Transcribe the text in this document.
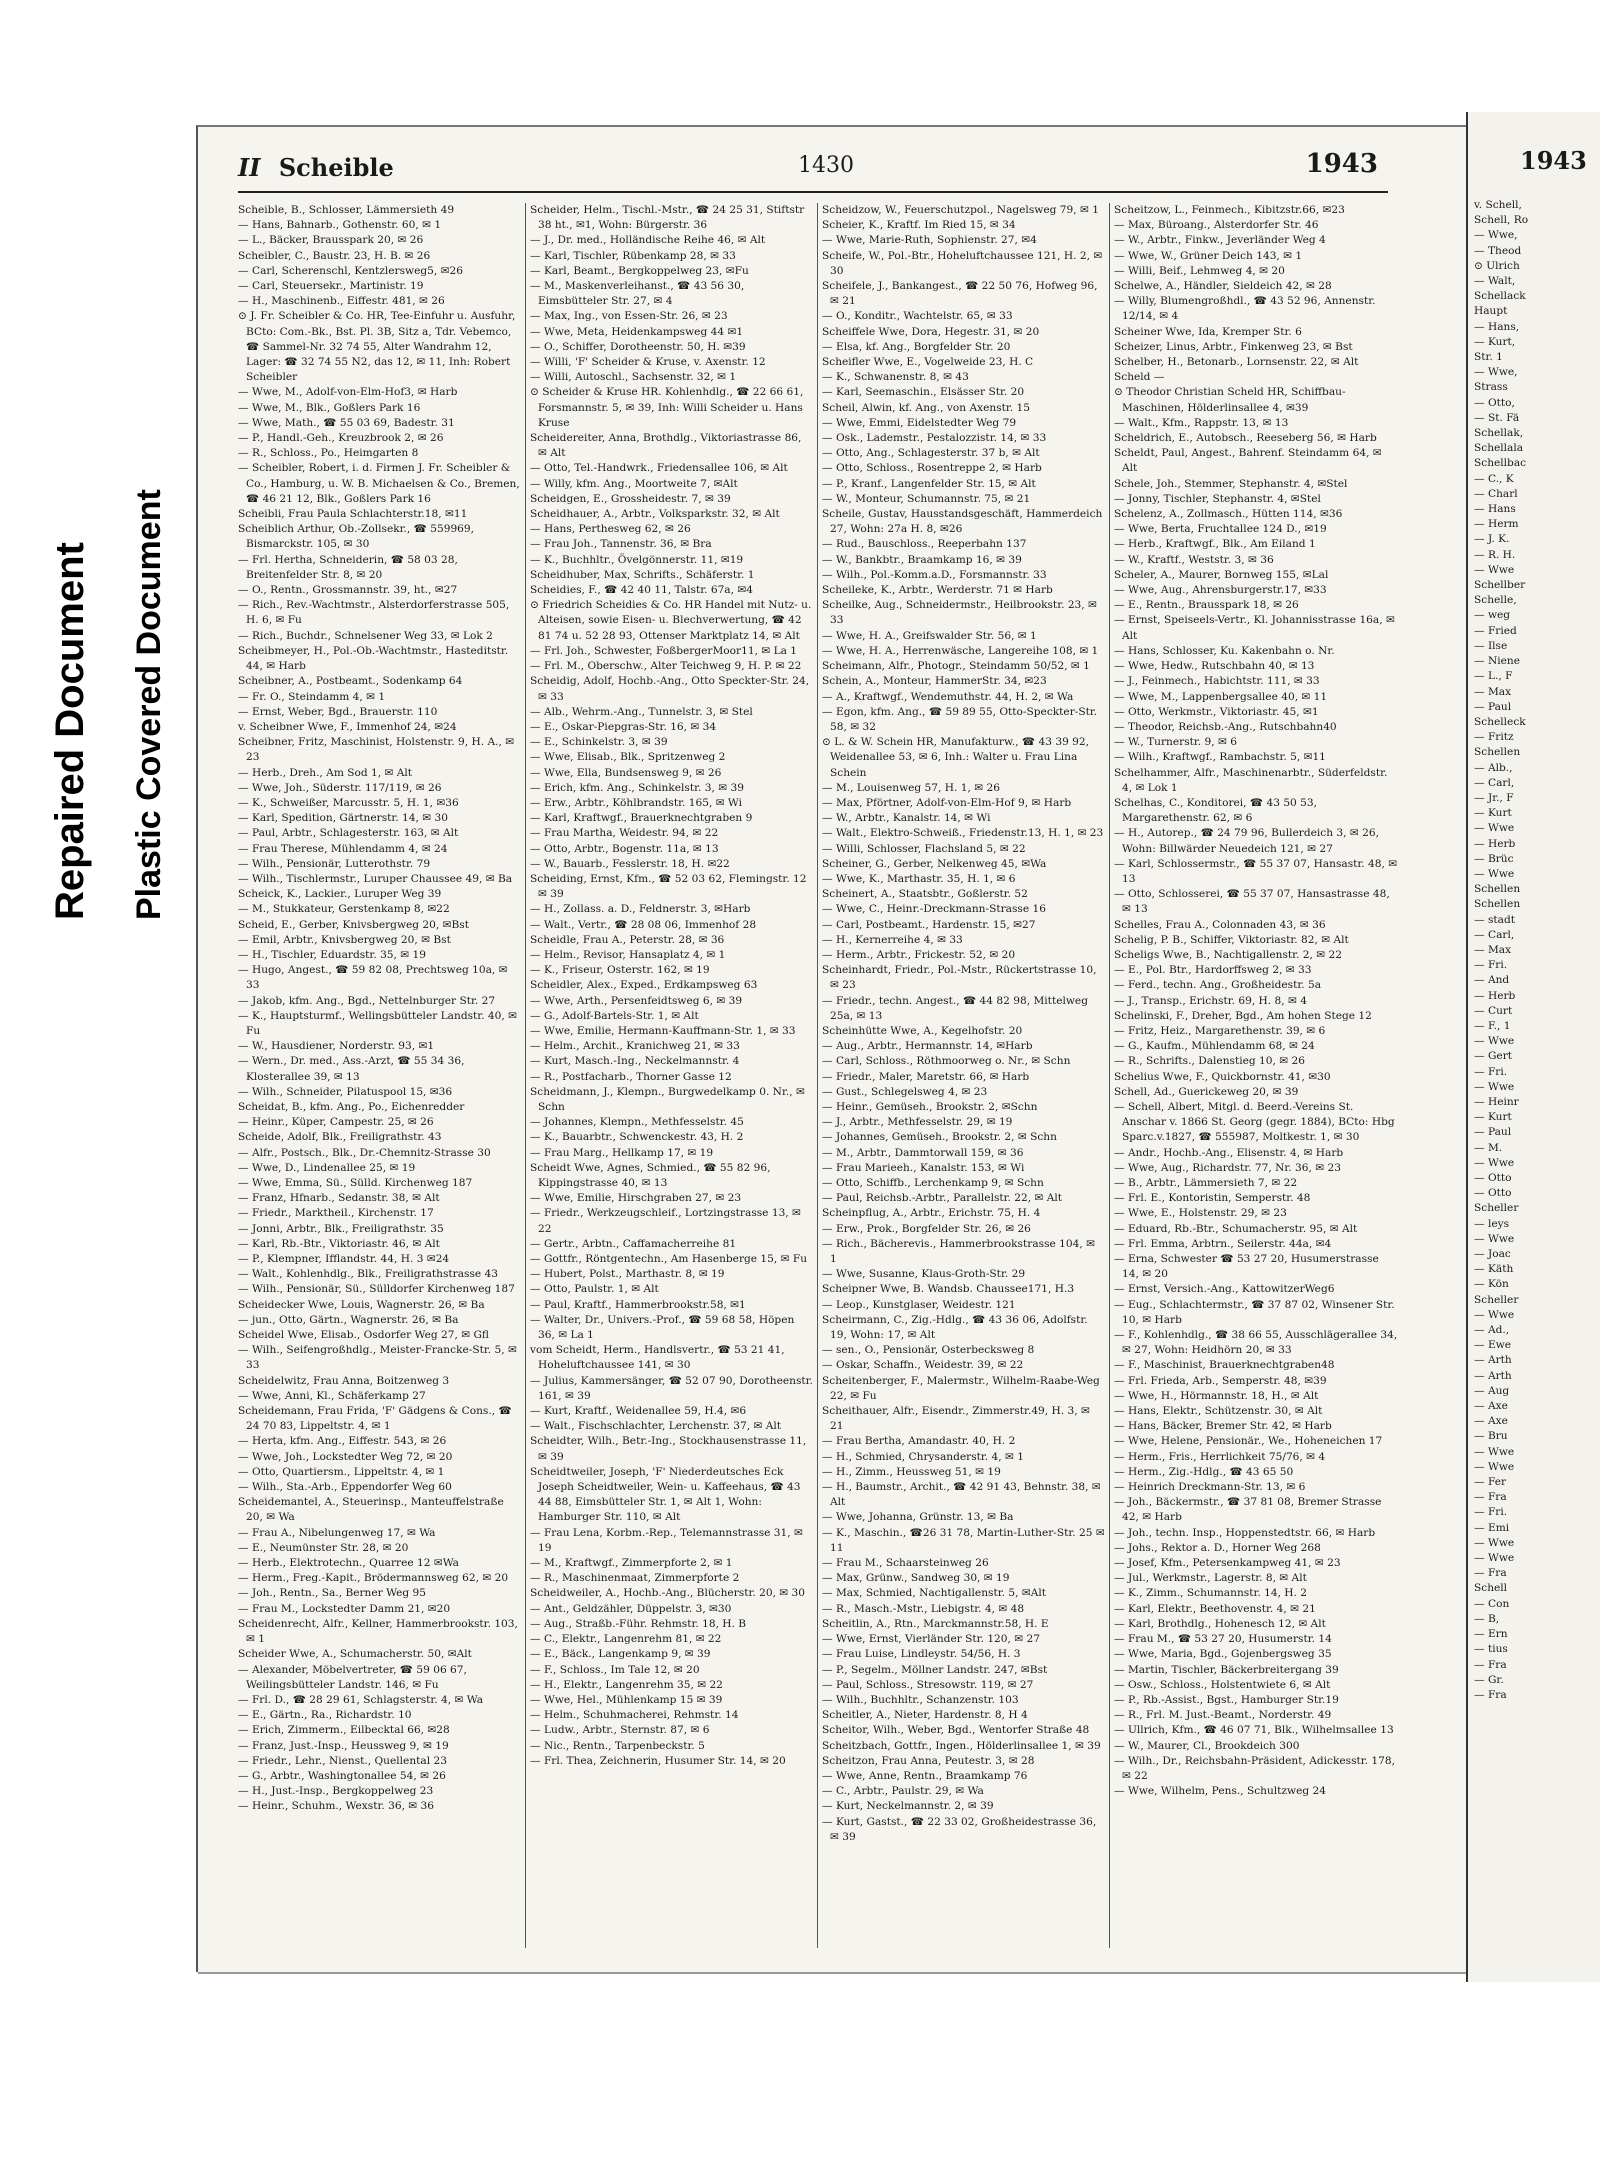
Repaired Document Plastic Covered Document
II Scheible	1430	1943

Scheible, B., Schlosser, Lämmersieth 49

— Hans, Bahnarb., Gothenstr. 60, ✉ 1

— L., Bäcker, Brausspark 20, ✉ 26

Scheibler, C., Baustr. 23, H. B. ✉ 26

— Carl, Scherenschl, Kentzlersweg5, ✉26

— Carl, Steuersekr., Martinistr. 19

— H., Maschinenb., Eiffestr. 481, ✉ 26

⊙ J. Fr. Scheibler & Co. HR, Tee-Einfuhr u. Ausfuhr, BCto: Com.-Bk., Bst. Pl. 3B, Sitz a, Tdr. Vebemco, ☎ Sammel-Nr. 32 74 55, Alter Wandrahm 12, Lager: ☎ 32 74 55 N2, das 12, ✉ 11, Inh: Robert Scheibler

— Wwe, M., Adolf-von-Elm-Hof3, ✉ Harb

— Wwe, M., Blk., Goßlers Park 16

— Wwe, Math., ☎ 55 03 69, Badestr. 31

— P., Handl.-Geh., Kreuzbrook 2, ✉ 26

— R., Schloss., Po., Heimgarten 8

— Scheibler, Robert, i. d. Firmen J. Fr. Scheibler & Co., Hamburg, u. W. B. Michaelsen & Co., Bremen, ☎ 46 21 12, Blk., Goßlers Park 16

Scheibli, Frau Paula Schlachterstr.18, ✉11

Scheiblich Arthur, Ob.-Zollsekr., ☎ 559969, Bismarckstr. 105, ✉ 30

— Frl. Hertha, Schneiderin, ☎ 58 03 28, Breitenfelder Str. 8, ✉ 20

— O., Rentn., Grossmannstr. 39, ht., ✉27

— Rich., Rev.-Wachtmstr., Alsterdorferstrasse 505, H. 6, ✉ Fu

— Rich., Buchdr., Schnelsener Weg 33, ✉ Lok 2

Scheibmeyer, H., Pol.-Ob.-Wachtmstr., Hasteditstr. 44, ✉ Harb

Scheibner, A., Postbeamt., Sodenkamp 64

— Fr. O., Steindamm 4, ✉ 1

— Ernst, Weber, Bgd., Brauerstr. 110

v. Scheibner Wwe, F., Immenhof 24, ✉24

Scheibner, Fritz, Maschinist, Holstenstr. 9, H. A., ✉ 23

— Herb., Dreh., Am Sod 1, ✉ Alt

— Wwe, Joh., Süderstr. 117/119, ✉ 26

— K., Schweißer, Marcusstr. 5, H. 1, ✉36

— Karl, Spedition, Gärtnerstr. 14, ✉ 30

— Paul, Arbtr., Schlagesterstr. 163, ✉ Alt

— Frau Therese, Mühlendamm 4, ✉ 24

— Wilh., Pensionär, Lutterothstr. 79

— Wilh., Tischlermstr., Luruper Chaussee 49, ✉ Ba

Scheick, K., Lackier., Luruper Weg 39

— M., Stukkateur, Gerstenkamp 8, ✉22

Scheid, E., Gerber, Knivsbergweg 20, ✉Bst

— Emil, Arbtr., Knivsbergweg 20, ✉ Bst

— H., Tischler, Eduardstr. 35, ✉ 19

— Hugo, Angest., ☎ 59 82 08, Prechtsweg 10a, ✉ 33

— Jakob, kfm. Ang., Bgd., Nettelnburger Str. 27

— K., Hauptsturmf., Wellingsbütteler Landstr. 40, ✉ Fu

— W., Hausdiener, Norderstr. 93, ✉1

— Wern., Dr. med., Ass.-Arzt, ☎ 55 34 36, Klosterallee 39, ✉ 13

— Wilh., Schneider, Pilatuspool 15, ✉36

Scheidat, B., kfm. Ang., Po., Eichenredder

— Heinr., Küper, Campestr. 25, ✉ 26

Scheide, Adolf, Blk., Freiligrathstr. 43

— Alfr., Postsch., Blk., Dr.-Chemnitz-Strasse 30

— Wwe, D., Lindenallee 25, ✉ 19

— Wwe, Emma, Sü., Sülld. Kirchenweg 187

— Franz, Hfnarb., Sedanstr. 38, ✉ Alt

— Friedr., Marktheil., Kirchenstr. 17

— Jonni, Arbtr., Blk., Freiligrathstr. 35

— Karl, Rb.-Btr., Viktoriastr. 46, ✉ Alt

— P., Klempner, Ifflandstr. 44, H. 3 ✉24

— Walt., Kohlenhdlg., Blk., Freiligrathstrasse 43

— Wilh., Pensionär, Sü., Sülldorfer Kirchenweg 187

Scheidecker Wwe, Louis, Wagnerstr. 26, ✉ Ba

— jun., Otto, Gärtn., Wagnerstr. 26, ✉ Ba

Scheidel Wwe, Elisab., Osdorfer Weg 27, ✉ Gfl

— Wilh., Seifengroßhdlg., Meister-Francke-Str. 5, ✉ 33

Scheidelwitz, Frau Anna, Boitzenweg 3

— Wwe, Anni, Kl., Schäferkamp 27

Scheidemann, Frau Frida, 'F' Gädgens & Cons., ☎ 24 70 83, Lippeltstr. 4, ✉ 1

— Herta, kfm. Ang., Eiffestr. 543, ✉ 26

— Wwe, Joh., Lockstedter Weg 72, ✉ 20

— Otto, Quartiersm., Lippeltstr. 4, ✉ 1

— Wilh., Sta.-Arb., Eppendorfer Weg 60

Scheidemantel, A., Steuerinsp., Manteuffelstraße 20, ✉ Wa

— Frau A., Nibelungenweg 17, ✉ Wa

— E., Neumünster Str. 28, ✉ 20

— Herb., Elektrotechn., Quarree 12 ✉Wa

— Herm., Freg.-Kapit., Brödermannsweg 62, ✉ 20

— Joh., Rentn., Sa., Berner Weg 95

— Frau M., Lockstedter Damm 21, ✉20

Scheidenrecht, Alfr., Kellner, Hammerbrookstr. 103, ✉ 1

Scheider Wwe, A., Schumacherstr. 50, ✉Alt

— Alexander, Möbelvertreter, ☎ 59 06 67, Weilingsbütteler Landstr. 146, ✉ Fu

— Frl. D., ☎ 28 29 61, Schlagsterstr. 4, ✉ Wa

— E., Gärtn., Ra., Richardstr. 10

— Erich, Zimmerm., Eilbecktal 66, ✉28

— Franz, Just.-Insp., Heussweg 9, ✉ 19

— Friedr., Lehr., Nienst., Quellental 23

— G., Arbtr., Washingtonallee 54, ✉ 26

— H., Just.-Insp., Bergkoppelweg 23

— Heinr., Schuhm., Wexstr. 36, ✉ 36

Scheider, Helm., Tischl.-Mstr., ☎ 24 25 31, Stiftstr 38 ht., ✉1, Wohn: Bürgerstr. 36

— J., Dr. med., Holländische Reihe 46, ✉ Alt

— Karl, Tischler, Rübenkamp 28, ✉ 33

— Karl, Beamt., Bergkoppelweg 23, ✉Fu

— M., Maskenverleihanst., ☎ 43 56 30, Eimsbütteler Str. 27, ✉ 4

— Max, Ing., von Essen-Str. 26, ✉ 23

— Wwe, Meta, Heidenkampsweg 44 ✉1

— O., Schiffer, Dorotheenstr. 50, H. ✉39

— Willi, 'F' Scheider & Kruse, v. Axenstr. 12

— Willi, Autoschl., Sachsenstr. 32, ✉ 1

⊙ Scheider & Kruse HR. Kohlenhdlg., ☎ 22 66 61, Forsmannstr. 5, ✉ 39, Inh: Willi Scheider u. Hans Kruse

Scheidereiter, Anna, Brothdlg., Viktoriastrasse 86, ✉ Alt

— Otto, Tel.-Handwrk., Friedensallee 106, ✉ Alt

— Willy, kfm. Ang., Moortweite 7, ✉Alt

Scheidgen, E., Grossheidestr. 7, ✉ 39

Scheidhauer, A., Arbtr., Volksparkstr. 32, ✉ Alt

— Hans, Perthesweg 62, ✉ 26

— Frau Joh., Tannenstr. 36, ✉ Bra

— K., Buchhltr., Övelgönnerstr. 11, ✉19

Scheidhuber, Max, Schrifts., Schäferstr. 1

Scheidies, F., ☎ 42 40 11, Talstr. 67a, ✉4

⊙ Friedrich Scheidies & Co. HR Handel mit Nutz- u. Alteisen, sowie Eisen- u. Blechverwertung, ☎ 42 81 74 u. 52 28 93, Ottenser Marktplatz 14, ✉ Alt

— Frl. Joh., Schwester, FoßbergerMoor11, ✉ La 1

— Frl. M., Oberschw., Alter Teichweg 9, H. P. ✉ 22

Scheidig, Adolf, Hochb.-Ang., Otto Speckter-Str. 24, ✉ 33

— Alb., Wehrm.-Ang., Tunnelstr. 3, ✉ Stel

— E., Oskar-Piepgras-Str. 16, ✉ 34

— E., Schinkelstr. 3, ✉ 39

— Wwe, Elisab., Blk., Spritzenweg 2

— Wwe, Ella, Bundsensweg 9, ✉ 26

— Erich, kfm. Ang., Schinkelstr. 3, ✉ 39

— Erw., Arbtr., Köhlbrandstr. 165, ✉ Wi

— Karl, Kraftwgf., Brauerknechtgraben 9

— Frau Martha, Weidestr. 94, ✉ 22

— Otto, Arbtr., Bogenstr. 11a, ✉ 13

— W., Bauarb., Fesslerstr. 18, H. ✉22

Scheiding, Ernst, Kfm., ☎ 52 03 62, Flemingstr. 12 ✉ 39

— H., Zollass. a. D., Feldnerstr. 3, ✉Harb

— Walt., Vertr., ☎ 28 08 06, Immenhof 28

Scheidle, Frau A., Peterstr. 28, ✉ 36

— Helm., Revisor, Hansaplatz 4, ✉ 1

— K., Friseur, Osterstr. 162, ✉ 19

Scheidler, Alex., Exped., Erdkampsweg 63

— Wwe, Arth., Persenfeidtsweg 6, ✉ 39

— G., Adolf-Bartels-Str. 1, ✉ Alt

— Wwe, Emilie, Hermann-Kauffmann-Str. 1, ✉ 33

— Helm., Archit., Kranichweg 21, ✉ 33

— Kurt, Masch.-Ing., Neckelmannstr. 4

— R., Postfacharb., Thorner Gasse 12

Scheidmann, J., Klempn., Burgwedelkamp 0. Nr., ✉ Schn

— Johannes, Klempn., Methfesselstr. 45

— K., Bauarbtr., Schwenckestr. 43, H. 2

— Frau Marg., Hellkamp 17, ✉ 19

Scheidt Wwe, Agnes, Schmied., ☎ 55 82 96, Kippingstrasse 40, ✉ 13

— Wwe, Emilie, Hirschgraben 27, ✉ 23

— Friedr., Werkzeugschleif., Lortzingstrasse 13, ✉ 22

— Gertr., Arbtn., Caffamacherreihe 81

— Gottfr., Röntgentechn., Am Hasenberge 15, ✉ Fu

— Hubert, Polst., Marthastr. 8, ✉ 19

— Otto, Paulstr. 1, ✉ Alt

— Paul, Kraftf., Hammerbrookstr.58, ✉1

— Walter, Dr., Univers.-Prof., ☎ 59 68 58, Höpen 36, ✉ La 1

vom Scheidt, Herm., Handlsvertr., ☎ 53 21 41, Hoheluftchaussee 141, ✉ 30

— Julius, Kammersänger, ☎ 52 07 90, Dorotheenstr. 161, ✉ 39

— Kurt, Kraftf., Weidenallee 59, H.4, ✉6

— Walt., Fischschlachter, Lerchenstr. 37, ✉ Alt

Scheidter, Wilh., Betr.-Ing., Stockhausenstrasse 11, ✉ 39

Scheidtweiler, Joseph, 'F' Niederdeutsches Eck Joseph Scheidtweiler, Wein- u. Kaffeehaus, ☎ 43 44 88, Eimsbütteler Str. 1, ✉ Alt 1, Wohn: Hamburger Str. 110, ✉ Alt

— Frau Lena, Korbm.-Rep., Telemannstrasse 31, ✉ 19

— M., Kraftwgf., Zimmerpforte 2, ✉ 1

— R., Maschinenmaat, Zimmerpforte 2

Scheidweiler, A., Hochb.-Ang., Blücherstr. 20, ✉ 30

— Ant., Geldzähler, Düppelstr. 3, ✉30

— Aug., Straßb.-Führ. Rehmstr. 18, H. B

— C., Elektr., Langenrehm 81, ✉ 22

— E., Bäck., Langenkamp 9, ✉ 39

— F., Schloss., Im Tale 12, ✉ 20

— H., Elektr., Langenrehm 35, ✉ 22

— Wwe, Hel., Mühlenkamp 15 ✉ 39

— Helm., Schuhmacherei, Rehmstr. 14

— Ludw., Arbtr., Sternstr. 87, ✉ 6

— Nic., Rentn., Tarpenbeckstr. 5

— Frl. Thea, Zeichnerin, Husumer Str. 14, ✉ 20

Scheidzow, W., Feuerschutzpol., Nagelsweg 79, ✉ 1

Scheier, K., Kraftf. Im Ried 15, ✉ 34

— Wwe, Marie-Ruth, Sophienstr. 27, ✉4

Scheife, W., Pol.-Btr., Hoheluftchaussee 121, H. 2, ✉ 30

Scheifele, J., Bankangest., ☎ 22 50 76, Hofweg 96, ✉ 21

— O., Konditr., Wachtelstr. 65, ✉ 33

Scheiffele Wwe, Dora, Hegestr. 31, ✉ 20

— Elsa, kf. Ang., Borgfelder Str. 20

Scheifler Wwe, E., Vogelweide 23, H. C

— K., Schwanenstr. 8, ✉ 43

— Karl, Seemaschin., Elsässer Str. 20

Scheil, Alwin, kf. Ang., von Axenstr. 15

— Wwe, Emmi, Eidelstedter Weg 79

— Osk., Lademstr., Pestalozzistr. 14, ✉ 33

— Otto, Ang., Schlagesterstr. 37 b, ✉ Alt

— Otto, Schloss., Rosentreppe 2, ✉ Harb

— P., Kranf., Langenfelder Str. 15, ✉ Alt

— W., Monteur, Schumannstr. 75, ✉ 21

Scheile, Gustav, Hausstandsgeschäft, Hammerdeich 27, Wohn: 27a H. 8, ✉26

— Rud., Bauschloss., Reeperbahn 137

— W., Bankbtr., Braamkamp 16, ✉ 39

— Wilh., Pol.-Komm.a.D., Forsmannstr. 33

Scheileke, K., Arbtr., Werderstr. 71 ✉ Harb

Scheilke, Aug., Schneidermstr., Heilbrookstr. 23, ✉ 33

— Wwe, H. A., Greifswalder Str. 56, ✉ 1

— Wwe, H. A., Herrenwäsche, Langereihe 108, ✉ 1

Scheimann, Alfr., Photogr., Steindamm 50/52, ✉ 1

Schein, A., Monteur, HammerStr. 34, ✉23

— A., Kraftwgf., Wendemuthstr. 44, H. 2, ✉ Wa

— Egon, kfm. Ang., ☎ 59 89 55, Otto-Speckter-Str. 58, ✉ 32

⊙ L. & W. Schein HR, Manufakturw., ☎ 43 39 92, Weidenallee 53, ✉ 6, Inh.: Walter u. Frau Lina Schein

— M., Louisenweg 57, H. 1, ✉ 26

— Max, Pförtner, Adolf-von-Elm-Hof 9, ✉ Harb

— W., Arbtr., Kanalstr. 14, ✉ Wi

— Walt., Elektro-Schweiß., Friedenstr.13, H. 1, ✉ 23

— Willi, Schlosser, Flachsland 5, ✉ 22

Scheiner, G., Gerber, Nelkenweg 45, ✉Wa

— Wwe, K., Marthastr. 35, H. 1, ✉ 6

Scheinert, A., Staatsbtr., Goßlerstr. 52

— Wwe, C., Heinr.-Dreckmann-Strasse 16

— Carl, Postbeamt., Hardenstr. 15, ✉27

— H., Kernerreihe 4, ✉ 33

— Herm., Arbtr., Frickestr. 52, ✉ 20

Scheinhardt, Friedr., Pol.-Mstr., Rückertstrasse 10, ✉ 23

— Friedr., techn. Angest., ☎ 44 82 98, Mittelweg 25a, ✉ 13

Scheinhütte Wwe, A., Kegelhofstr. 20

— Aug., Arbtr., Hermannstr. 14, ✉Harb

— Carl, Schloss., Röthmoorweg o. Nr., ✉ Schn

— Friedr., Maler, Maretstr. 66, ✉ Harb

— Gust., Schlegelsweg 4, ✉ 23

— Heinr., Gemüseh., Brookstr. 2, ✉Schn

— J., Arbtr., Methfesselstr. 29, ✉ 19

— Johannes, Gemüseh., Brookstr. 2, ✉ Schn

— M., Arbtr., Dammtorwall 159, ✉ 36

— Frau Marieeh., Kanalstr. 153, ✉ Wi

— Otto, Schiffb., Lerchenkamp 9, ✉ Schn

— Paul, Reichsb.-Arbtr., Parallelstr. 22, ✉ Alt

Scheinpflug, A., Arbtr., Erichstr. 75, H. 4

— Erw., Prok., Borgfelder Str. 26, ✉ 26

— Rich., Bächerevis., Hammerbrookstrasse 104, ✉ 1

— Wwe, Susanne, Klaus-Groth-Str. 29

Scheipner Wwe, B. Wandsb. Chaussee171, H.3

— Leop., Kunstglaser, Weidestr. 121

Scheirmann, C., Zig.-Hdlg., ☎ 43 36 06, Adolfstr. 19, Wohn: 17, ✉ Alt

— sen., O., Pensionär, Osterbecksweg 8

— Oskar, Schaffn., Weidestr. 39, ✉ 22

Scheitenberger, F., Malermstr., Wilhelm-Raabe-Weg 22, ✉ Fu

Scheithauer, Alfr., Eisendr., Zimmerstr.49, H. 3, ✉ 21

— Frau Bertha, Amandastr. 40, H. 2

— H., Schmied, Chrysanderstr. 4, ✉ 1

— H., Zimm., Heussweg 51, ✉ 19

— H., Baumstr., Archit., ☎ 42 91 43, Behnstr. 38, ✉ Alt

— Wwe, Johanna, Grünstr. 13, ✉ Ba

— K., Maschin., ☎26 31 78, Martin-Luther-Str. 25 ✉ 11

— Frau M., Schaarsteinweg 26

— Max, Grünw., Sandweg 30, ✉ 19

— Max, Schmied, Nachtigallenstr. 5, ✉Alt

— R., Masch.-Mstr., Liebigstr. 4, ✉ 48

Scheitlin, A., Rtn., Marckmannstr.58, H. E

— Wwe, Ernst, Vierländer Str. 120, ✉ 27

— Frau Luise, Lindleystr. 54/56, H. 3

— P., Segelm., Möllner Landstr. 247, ✉Bst

— Paul, Schloss., Stresowstr. 119, ✉ 27

— Wilh., Buchhltr., Schanzenstr. 103

Scheitler, A., Nieter, Hardenstr. 8, H 4

Scheitor, Wilh., Weber, Bgd., Wentorfer Straße 48

Scheitzbach, Gottfr., Ingen., Hölderlinsallee 1, ✉ 39

Scheitzon, Frau Anna, Peutestr. 3, ✉ 28

— Wwe, Anne, Rentn., Braamkamp 76

— C., Arbtr., Paulstr. 29, ✉ Wa

— Kurt, Neckelmannstr. 2, ✉ 39

— Kurt, Gastst., ☎ 22 33 02, Großheidestrasse 36, ✉ 39

Scheitzow, L., Feinmech., Kibitzstr.66, ✉23

— Max, Büroang., Alsterdorfer Str. 46

— W., Arbtr., Finkw., Jeverländer Weg 4

— Wwe, W., Grüner Deich 143, ✉ 1

— Willi, Beif., Lehmweg 4, ✉ 20

Schelwe, A., Händler, Sieldeich 42, ✉ 28

— Willy, Blumengroßhdl., ☎ 43 52 96, Annenstr. 12/14, ✉ 4

Scheiner Wwe, Ida, Kremper Str. 6

Scheizer, Linus, Arbtr., Finkenweg 23, ✉ Bst

Schelber, H., Betonarb., Lornsenstr. 22, ✉ Alt

Scheld —

⊙ Theodor Christian Scheld HR, Schiffbau-Maschinen, Hölderlinsallee 4, ✉39

— Walt., Kfm., Rappstr. 13, ✉ 13

Scheldrich, E., Autobsch., Reeseberg 56, ✉ Harb

Scheldt, Paul, Angest., Bahrenf. Steindamm 64, ✉ Alt

Schele, Joh., Stemmer, Stephanstr. 4, ✉Stel

— Jonny, Tischler, Stephanstr. 4, ✉Stel

Schelenz, A., Zollmasch., Hütten 114, ✉36

— Wwe, Berta, Fruchtallee 124 D., ✉19

— Herb., Kraftwgf., Blk., Am Eiland 1

— W., Kraftf., Weststr. 3, ✉ 36

Scheler, A., Maurer, Bornweg 155, ✉Lal

— Wwe, Aug., Ahrensburgerstr.17, ✉33

— E., Rentn., Brausspark 18, ✉ 26

— Ernst, Speiseels-Vertr., Kl. Johannisstrasse 16a, ✉ Alt

— Hans, Schlosser, Ku. Kakenbahn o. Nr.

— Wwe, Hedw., Rutschbahn 40, ✉ 13

— J., Feinmech., Habichtstr. 111, ✉ 33

— Wwe, M., Lappenbergsallee 40, ✉ 11

— Otto, Werkmstr., Viktoriastr. 45, ✉1

— Theodor, Reichsb.-Ang., Rutschbahn40

— W., Turnerstr. 9, ✉ 6

— Wilh., Kraftwgf., Rambachstr. 5, ✉11

Schelhammer, Alfr., Maschinenarbtr., Süderfeldstr. 4, ✉ Lok 1

Schelhas, C., Konditorei, ☎ 43 50 53, Margarethenstr. 62, ✉ 6

— H., Autorep., ☎ 24 79 96, Bullerdeich 3, ✉ 26, Wohn: Billwärder Neuedeich 121, ✉ 27

— Karl, Schlossermstr., ☎ 55 37 07, Hansastr. 48, ✉ 13

— Otto, Schlosserei, ☎ 55 37 07, Hansastrasse 48, ✉ 13

Schelles, Frau A., Colonnaden 43, ✉ 36

Schelig, P. B., Schiffer, Viktoriastr. 82, ✉ Alt

Scheligs Wwe, B., Nachtigallenstr. 2, ✉ 22

— E., Pol. Btr., Hardorffsweg 2, ✉ 33

— Ferd., techn. Ang., Großheidestr. 5a

— J., Transp., Erichstr. 69, H. 8, ✉ 4

Schelinski, F., Dreher, Bgd., Am hohen Stege 12

— Fritz, Heiz., Margarethenstr. 39, ✉ 6

— G., Kaufm., Mühlendamm 68, ✉ 24

— R., Schrifts., Dalenstieg 10, ✉ 26

Schelius Wwe, F., Quickbornstr. 41, ✉30

Schell, Ad., Guerickeweg 20, ✉ 39

— Schell, Albert, Mitgl. d. Beerd.-Vereins St. Anschar v. 1866 St. Georg (gegr. 1884), BCto: Hbg Sparc.v.1827, ☎ 555987, Moltkestr. 1, ✉ 30

— Andr., Hochb.-Ang., Elisenstr. 4, ✉ Harb

— Wwe, Aug., Richardstr. 77, Nr. 36, ✉ 23

— B., Arbtr., Lämmersieth 7, ✉ 22

— Frl. E., Kontoristin, Semperstr. 48

— Wwe, E., Holstenstr. 29, ✉ 23

— Eduard, Rb.-Btr., Schumacherstr. 95, ✉ Alt

— Frl. Emma, Arbtrn., Seilerstr. 44a, ✉4

— Erna, Schwester ☎ 53 27 20, Husumerstrasse 14, ✉ 20

— Ernst, Versich.-Ang., KattowitzerWeg6

— Eug., Schlachtermstr., ☎ 37 87 02, Winsener Str. 10, ✉ Harb

— F., Kohlenhdlg., ☎ 38 66 55, Ausschlägerallee 34, ✉ 27, Wohn: Heidhörn 20, ✉ 33

— F., Maschinist, Brauerknechtgraben48

— Frl. Frieda, Arb., Semperstr. 48, ✉39

— Wwe, H., Hörmannstr. 18, H., ✉ Alt

— Hans, Elektr., Schützenstr. 30, ✉ Alt

— Hans, Bäcker, Bremer Str. 42, ✉ Harb

— Wwe, Helene, Pensionär., We., Hoheneichen 17

— Herm., Fris., Herrlichkeit 75/76, ✉ 4

— Herm., Zig.-Hdlg., ☎ 43 65 50

— Heinrich Dreckmann-Str. 13, ✉ 6

— Joh., Bäckermstr., ☎ 37 81 08, Bremer Strasse 42, ✉ Harb

— Joh., techn. Insp., Hoppenstedtstr. 66, ✉ Harb

— Johs., Rektor a. D., Horner Weg 268

— Josef, Kfm., Petersenkampweg 41, ✉ 23

— Jul., Werkmstr., Lagerstr. 8, ✉ Alt

— K., Zimm., Schumannstr. 14, H. 2

— Karl, Elektr., Beethovenstr. 4, ✉ 21

— Karl, Brothdlg., Hohenesch 12, ✉ Alt

— Frau M., ☎ 53 27 20, Husumerstr. 14

— Wwe, Maria, Bgd., Gojenbergsweg 35

— Martin, Tischler, Bäckerbreitergang 39

— Osw., Schloss., Holstentwiete 6, ✉ Alt

— P., Rb.-Assist., Bgst., Hamburger Str.19

— R., Frl. M. Just.-Beamt., Norderstr. 49

— Ullrich, Kfm., ☎ 46 07 71, Blk., Wilhelmsallee 13

— W., Maurer, Cl., Brookdeich 300

— Wilh., Dr., Reichsbahn-Präsident, Adickesstr. 178, ✉ 22

— Wwe, Wilhelm, Pens., Schultzweg 24

1943
v. Schell,
Schell, Ro
— Wwe,
— Theod
⊙ Ulrich
— Walt,
Schellack
Haupt
— Hans,
— Kurt,
Str. 1
— Wwe,
Strass
— Otto,
— St. Fä
Schellak,
Schellala
Schellbac
— C., K
— Charl
— Hans
— Herm
— J. K.
— R. H.
— Wwe
Schellber
Schelle,
— weg
— Fried
— Ilse
— Niene
— L., F
— Max
— Paul
Schelleck
— Fritz
Schellen
— Alb.,
— Carl,
— Jr., F
— Kurt
— Wwe
— Herb
— Brüc
— Wwe
Schellen
Schellen
— stadt
— Carl,
— Max
— Fri.
— And
— Herb
— Curt
— F., 1
— Wwe
— Gert
— Fri.
— Wwe
— Heinr
— Kurt
— Paul
— M.
— Wwe
— Otto
— Otto
Scheller
— leys
— Wwe
— Joac
— Käth
— Kön
Scheller
— Wwe
— Ad.,
— Ewe
— Arth
— Arth
— Aug
— Axe
— Axe
— Bru
— Wwe
— Wwe
— Fer
— Fra
— Fri.
— Emi
— Wwe
— Wwe
— Fra
Schell
— Con
— B,
— Ern
— tius
— Fra
— Gr.
— Fra
